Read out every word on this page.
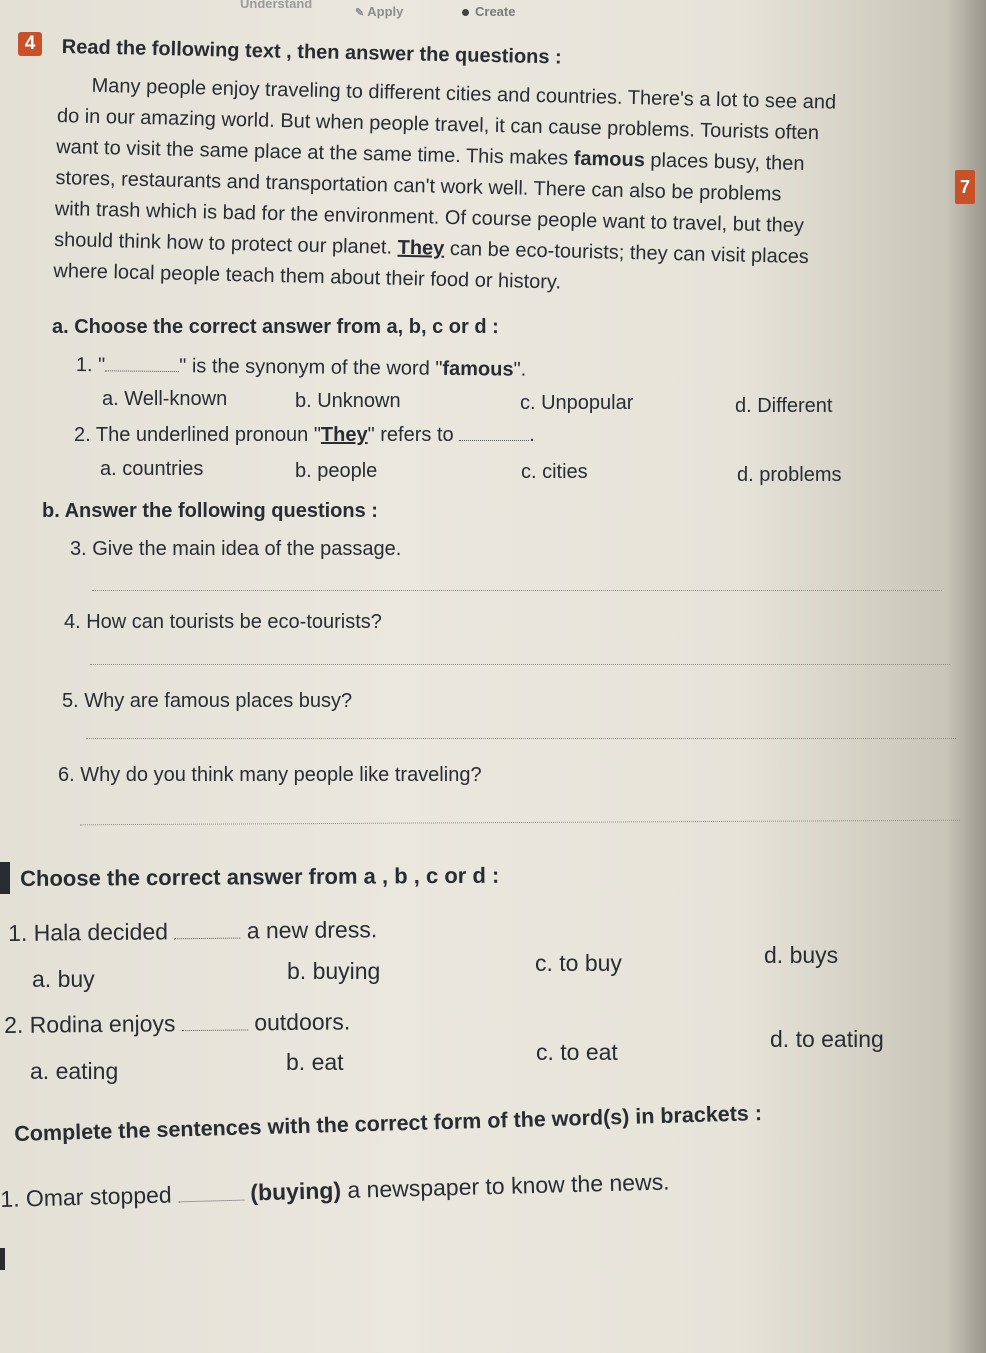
Understand
✎ Apply	Create
4	Read the following text , then answer the questions :
7
Many people enjoy traveling to different cities and countries. There's a lot to see and
do in our amazing world. But when people travel, it can cause problems. Tourists often
want to visit the same place at the same time. This makes famous places busy, then
stores, restaurants and transportation can't work well. There can also be problems
with trash which is bad for the environment. Of course people want to travel, but they
should think how to protect our planet. They can be eco-tourists; they can visit places
where local people teach them about their food or history.
a. Choose the correct answer from a, b, c or d :
1. "	" is the synonym of the word "famous".
a. Well-known	b. Unknown	c. Unpopular	d. Different
2. The underlined pronoun "They" refers to	.
a. countries	b. people	c. cities	d. problems
b. Answer the following questions :
3. Give the main idea of the passage.
4. How can tourists be eco-tourists?
5. Why are famous places busy?
6. Why do you think many people like traveling?
Choose the correct answer from a , b , c or d :
1. Hala decided	a new dress.
a. buy	b. buying	c. to buy	d. buys
2. Rodina enjoys	outdoors.
a. eating	b. eat	c. to eat	d. to eating
Complete the sentences with the correct form of the word(s) in brackets :
1. Omar stopped	(buying) a newspaper to know the news.
